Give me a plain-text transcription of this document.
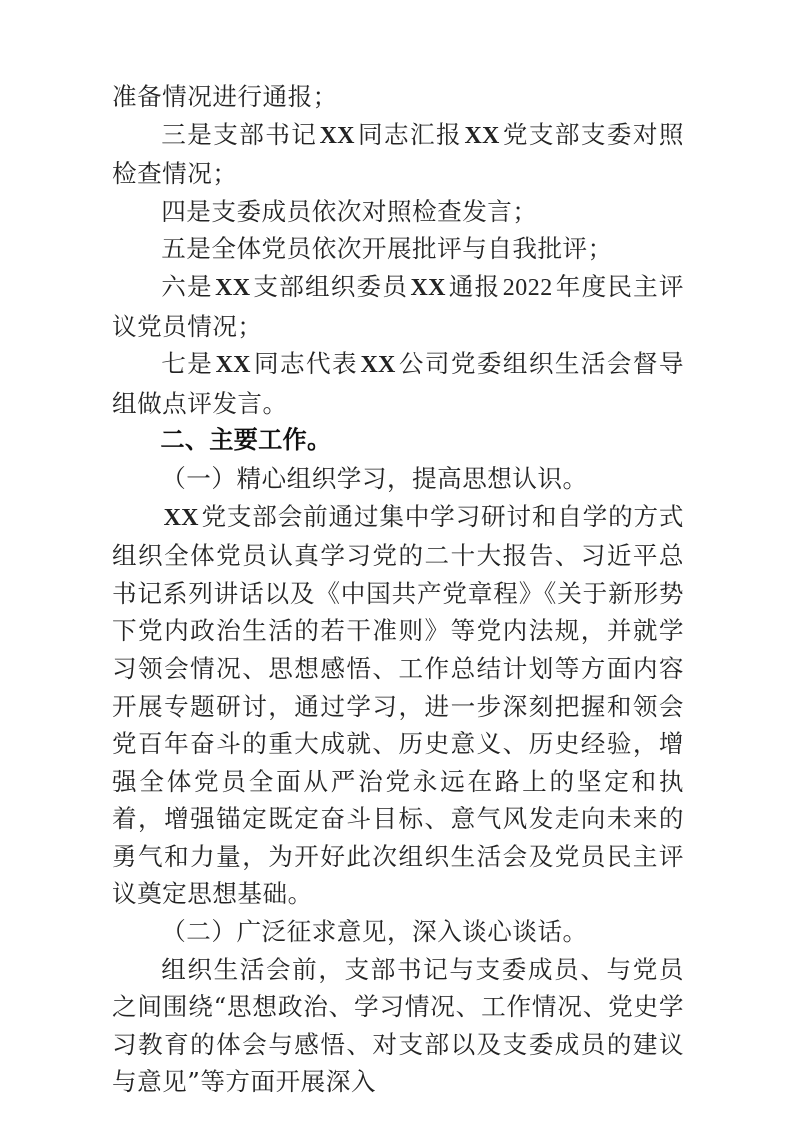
准备情况进行通报；

三是支部书记XX同志汇报XX党支部支委对照检查情况；

四是支委成员依次对照检查发言；

五是全体党员依次开展批评与自我批评；

六是XX支部组织委员XX通报2022年度民主评议党员情况；

七是XX同志代表XX公司党委组织生活会督导组做点评发言。

二、主要工作。

（一）精心组织学习，提高思想认识。

XX党支部会前通过集中学习研讨和自学的方式组织全体党员认真学习党的二十大报告、习近平总书记系列讲话以及《中国共产党章程》《关于新形势下党内政治生活的若干准则》等党内法规，并就学习领会情况、思想感悟、工作总结计划等方面内容开展专题研讨，通过学习，进一步深刻把握和领会党百年奋斗的重大成就、历史意义、历史经验，增强全体党员全面从严治党永远在路上的坚定和执着，增强锚定既定奋斗目标、意气风发走向未来的勇气和力量，为开好此次组织生活会及党员民主评议奠定思想基础。

（二）广泛征求意见，深入谈心谈话。

组织生活会前，支部书记与支委成员、与党员之间围绕“思想政治、学习情况、工作情况、党史学习教育的体会与感悟、对支部以及支委成员的建议与意见”等方面开展深入
